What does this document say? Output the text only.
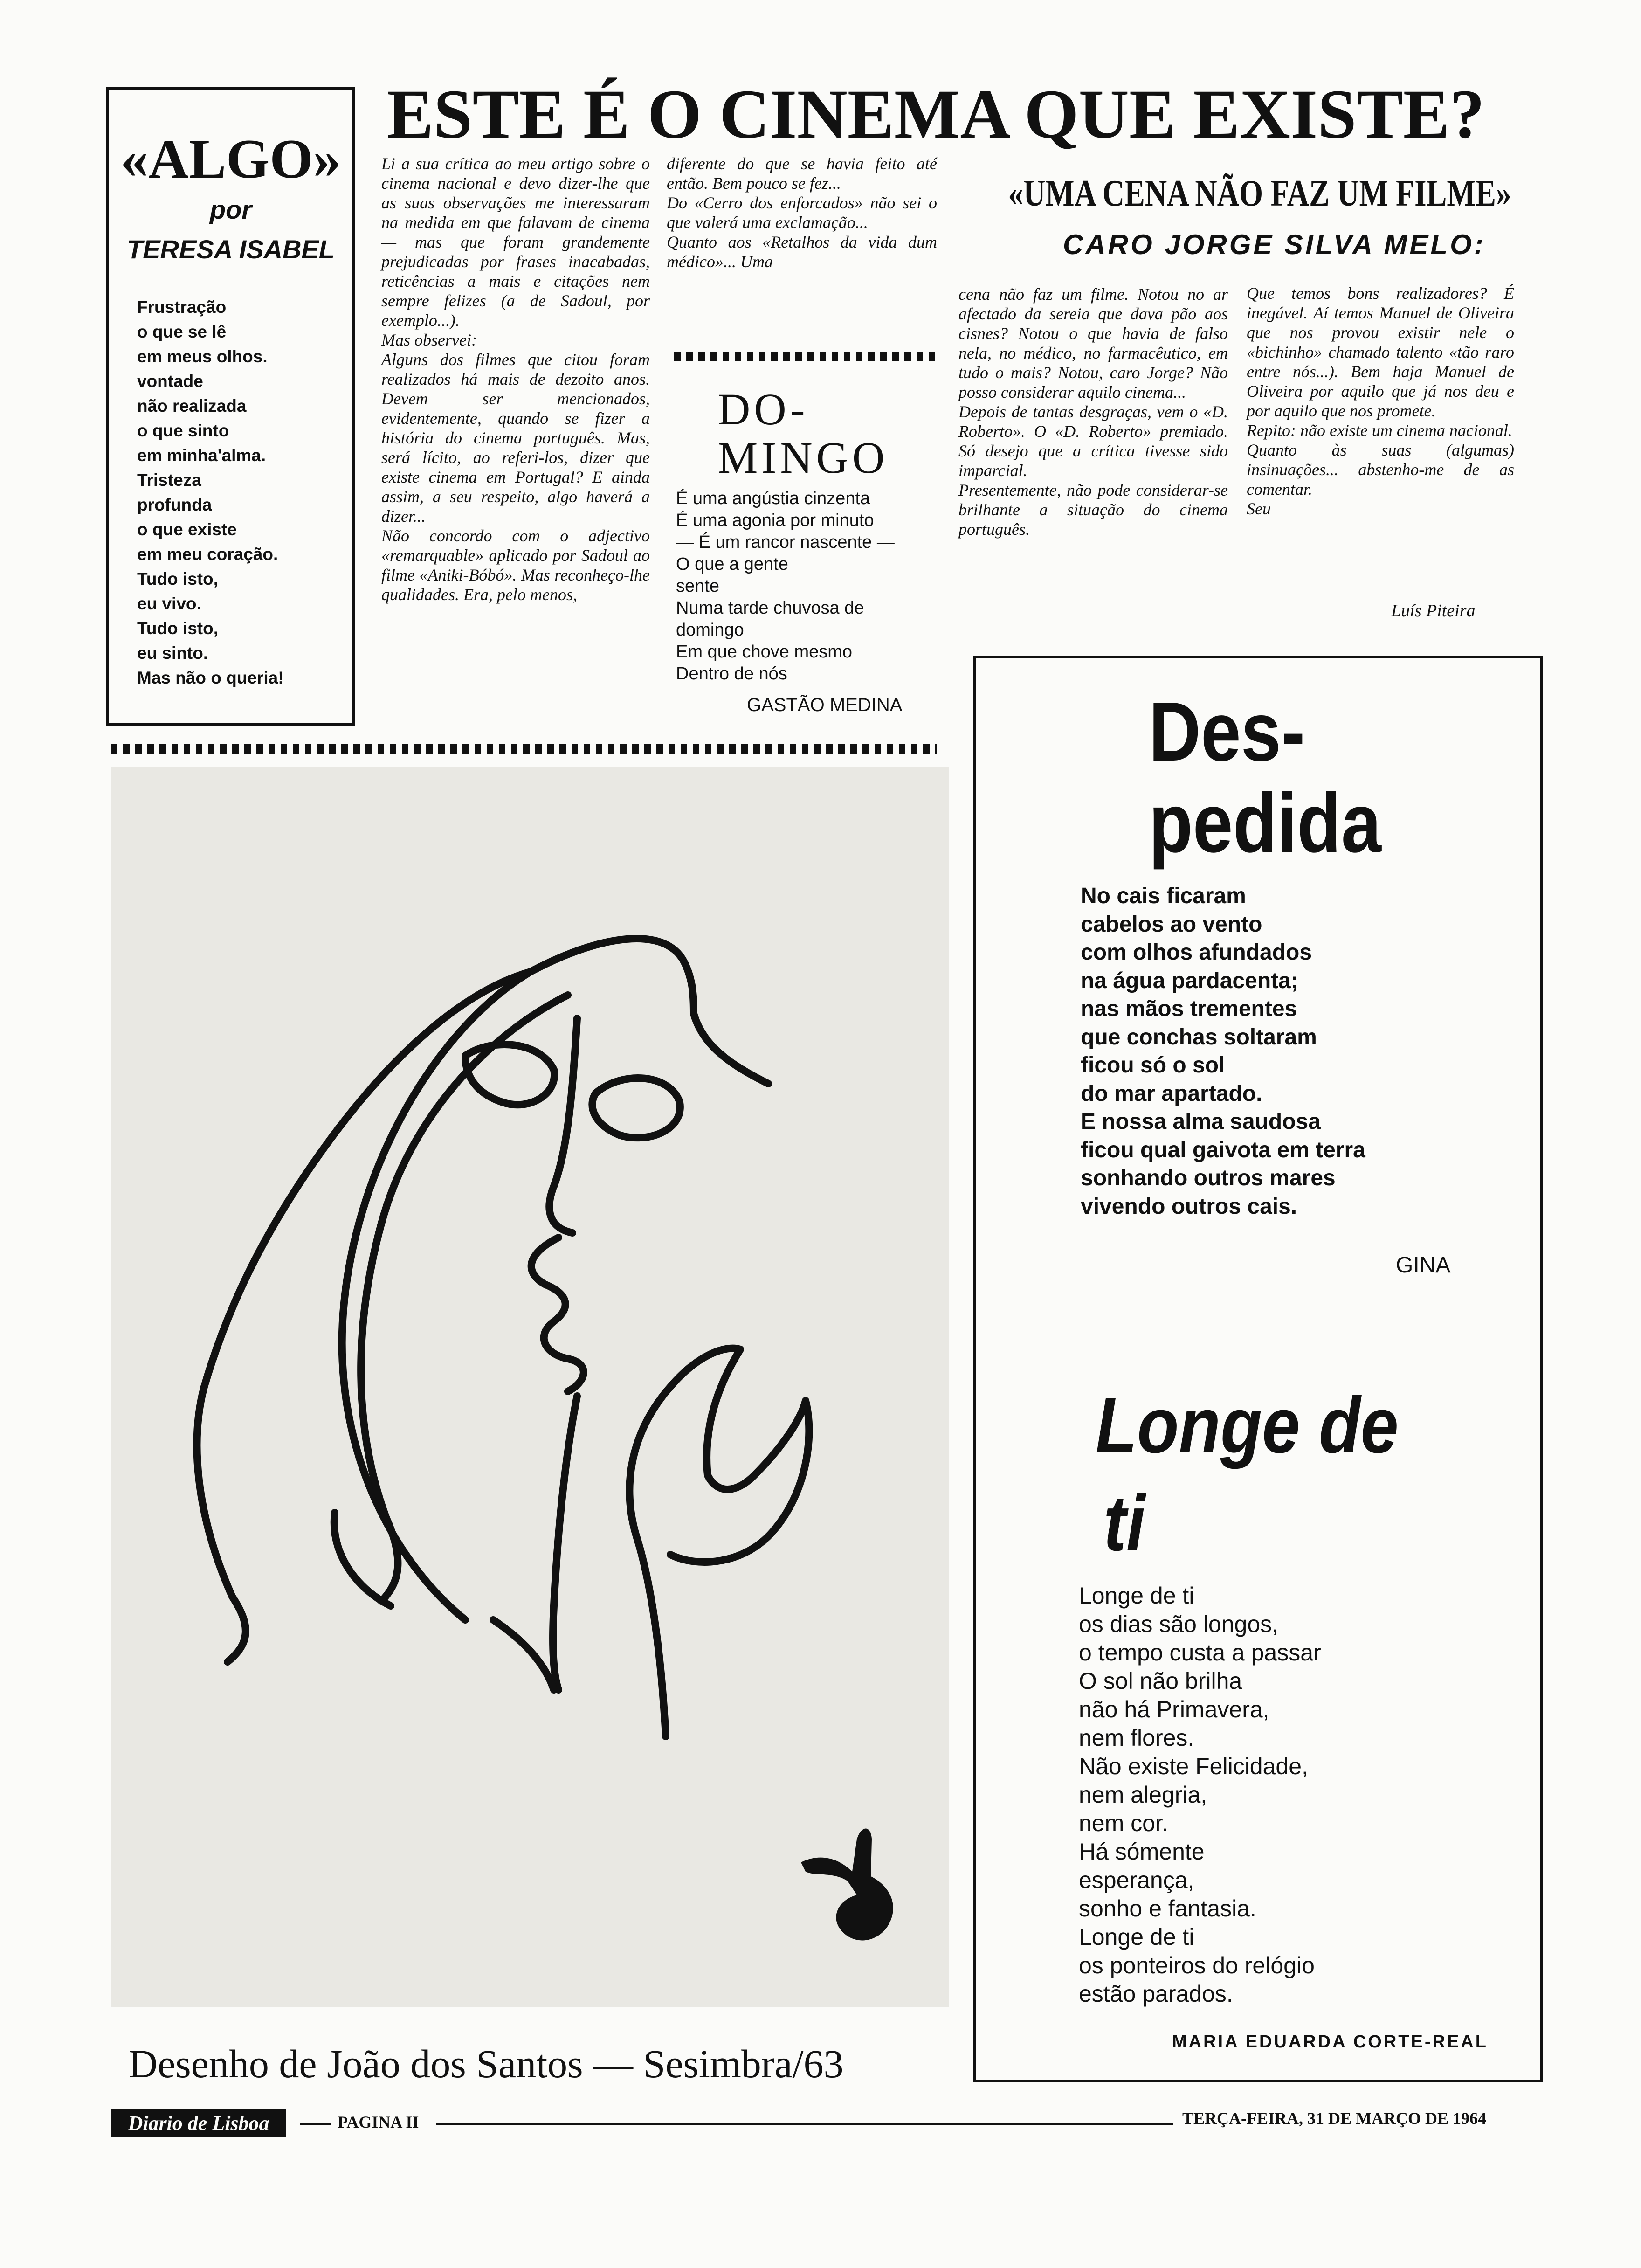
«ALGO»
por
TERESA ISABEL
Frustração
o que se lê
em meus olhos.
vontade
não realizada
o que sinto
em minha'alma.
Tristeza
profunda
o que existe
em meu coração.
Tudo isto,
eu vivo.
Tudo isto,
eu sinto.
Mas não o queria!
ESTE É O CINEMA QUE EXISTE?
Li a sua crítica ao meu artigo sobre o cinema nacional e devo dizer-lhe que as suas observações me interessaram na medida em que falavam de cinema — mas que foram grandemente prejudicadas por frases inacabadas, reticências a mais e citações nem sempre felizes (a de Sadoul, por exemplo...).
Mas observei:
Alguns dos filmes que citou foram realizados há mais de dezoito anos. Devem ser mencionados, evidentemente, quando se fizer a história do cinema português. Mas, será lícito, ao referi-los, dizer que existe cinema em Portugal? E ainda assim, a seu respeito, algo haverá a dizer...
Não concordo com o adjectivo «remarquable» aplicado por Sadoul ao filme «Aniki-Bóbó». Mas reconheço-lhe qualidades. Era, pelo menos,
diferente do que se havia feito até então. Bem pouco se fez...
Do «Cerro dos enforcados» não sei o que valerá uma exclamação...
Quanto aos «Retalhos da vida dum médico»... Uma
DO-
MINGO
É uma angústia cinzenta
É uma agonia por minuto
— É um rancor nascente —
O que a gente
sente
Numa tarde chuvosa de
domingo
Em que chove mesmo
Dentro de nós
GASTÃO MEDINA
«UMA CENA NÃO FAZ UM FILME»
CARO JORGE SILVA MELO:
cena não faz um filme. Notou no ar afectado da sereia que dava pão aos cisnes? Notou o que havia de falso nela, no médico, no farmacêutico, em tudo o mais? Notou, caro Jorge? Não posso considerar aquilo cinema...
Depois de tantas desgraças, vem o «D. Roberto». O «D. Roberto» premiado. Só desejo que a crítica tivesse sido imparcial.
Presentemente, não pode considerar-se brilhante a situação do cinema português.
Que temos bons realizadores? É inegável. Aí temos Manuel de Oliveira que nos provou existir nele o «bichinho» chamado talento «tão raro entre nós...). Bem haja Manuel de Oliveira por aquilo que já nos deu e por aquilo que nos promete.
Repito: não existe um cinema nacional.
Quanto às suas (algumas) insinuações... abstenho-me de as comentar.
Seu
Luís Piteira
Des-
pedida
No cais ficaram
cabelos ao vento
com olhos afundados
na água pardacenta;
nas mãos trementes
que conchas soltaram
ficou só o sol
do mar apartado.
E nossa alma saudosa
ficou qual gaivota em terra
sonhando outros mares
vivendo outros cais.
GINA
Longe de
ti
Longe de ti
os dias são longos,
o tempo custa a passar
O sol não brilha
não há Primavera,
nem flores.
Não existe Felicidade,
nem alegria,
nem cor.
Há sómente
esperança,
sonho e fantasia.
Longe de ti
os ponteiros do relógio
estão parados.
MARIA EDUARDA CORTE-REAL
Desenho de João dos Santos — Sesimbra/63
Diario de Lisboa	PAGINA II	TERÇA-FEIRA, 31 DE MARÇO DE 1964
